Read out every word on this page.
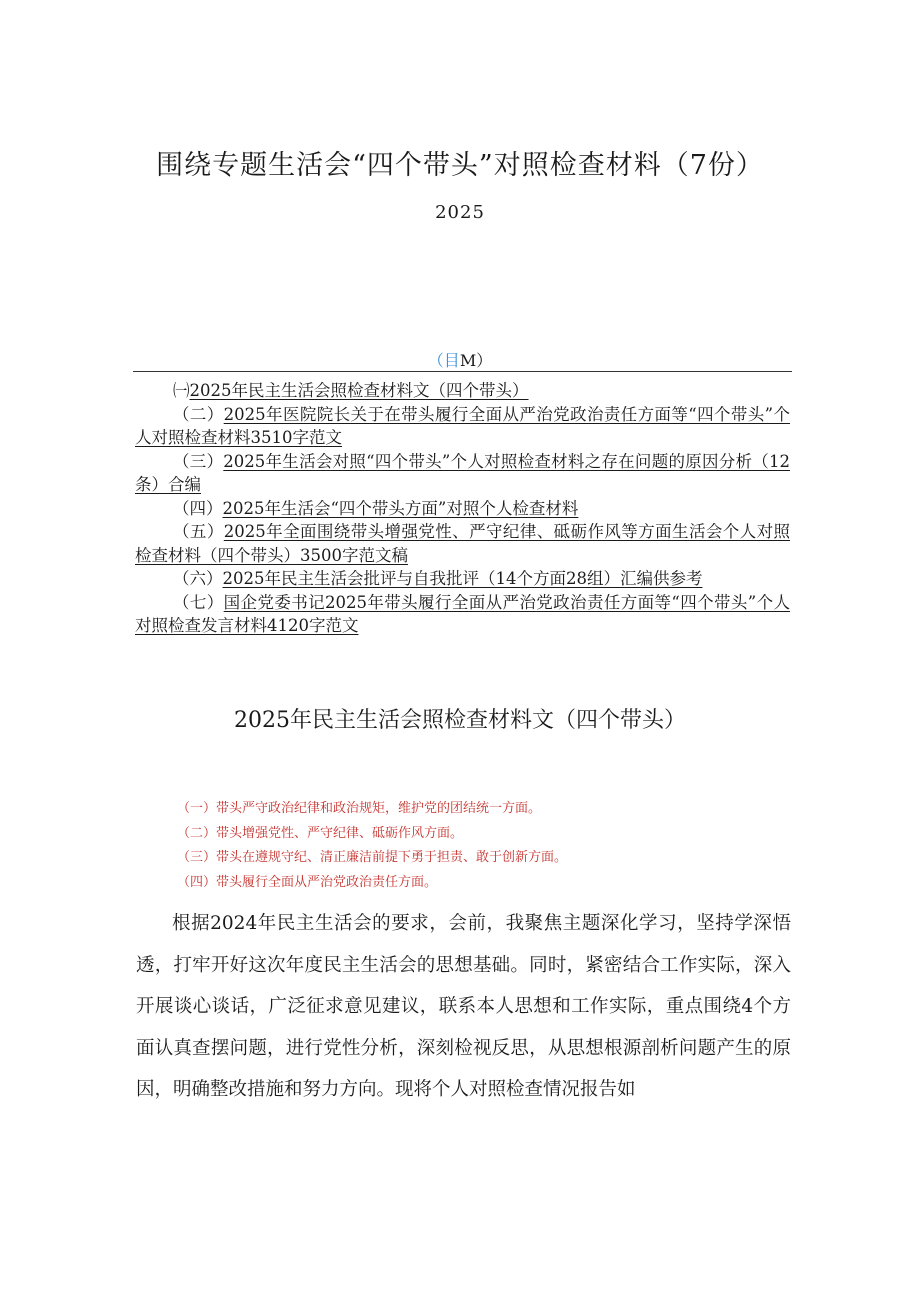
围绕专题生活会“四个带头”对照检查材料（7份）
2025
（目M）
㈠2025年民主生活会照检查材料文（四个带头）
（二）2025年医院院长关于在带头履行全面从严治党政治责任方面等“四个带头”个人对照检查材料3510字范文
（三）2025年生活会对照“四个带头”个人对照检查材料之存在问题的原因分析（12条）合编
（四）2025年生活会“四个带头方面”对照个人检查材料
（五）2025年全面围绕带头增强党性、严守纪律、砥砺作风等方面生活会个人对照检查材料（四个带头）3500字范文稿
（六）2025年民主生活会批评与自我批评（14个方面28组）汇编供参考
（七）国企党委书记2025年带头履行全面从严治党政治责任方面等“四个带头”个人对照检查发言材料4120字范文
2025年民主生活会照检查材料文（四个带头）
（一）带头严守政治纪律和政治规矩，维护党的团结统一方面。
（二）带头增强党性、严守纪律、砥砺作风方面。
（三）带头在遵规守纪、清正廉洁前提下勇于担责、敢于创新方面。
（四）带头履行全面从严治党政治责任方面。
根据2024年民主生活会的要求，会前，我聚焦主题深化学习，坚持学深悟透，打牢开好这次年度民主生活会的思想基础。同时，紧密结合工作实际，深入开展谈心谈话，广泛征求意见建议，联系本人思想和工作实际，重点围绕4个方面认真查摆问题，进行党性分析，深刻检视反思，从思想根源剖析问题产生的原因，明确整改措施和努力方向。现将个人对照检查情况报告如
